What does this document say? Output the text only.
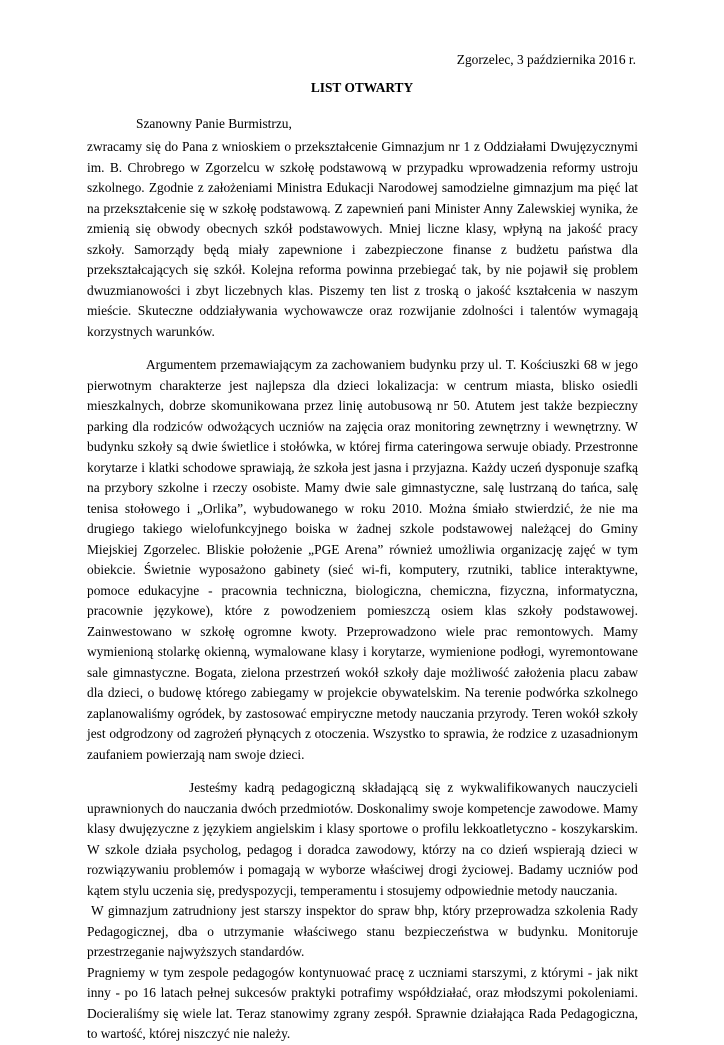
Zgorzelec, 3 października 2016 r.

LIST OTWARTY

Szanowny Panie Burmistrzu,

zwracamy się do Pana z wnioskiem o przekształcenie Gimnazjum nr 1 z Oddziałami Dwujęzycznymi im. B. Chrobrego w Zgorzelcu w szkołę podstawową w przypadku wprowadzenia reformy ustroju szkolnego. Zgodnie z założeniami Ministra Edukacji Narodowej samodzielne gimnazjum ma pięć lat na przekształcenie się w szkołę podstawową. Z zapewnień pani Minister Anny Zalewskiej wynika, że zmienią się obwody obecnych szkół podstawowych. Mniej liczne klasy, wpłyną na jakość pracy szkoły. Samorządy będą miały zapewnione i zabezpieczone finanse z budżetu państwa dla przekształcających się szkół. Kolejna reforma powinna przebiegać tak, by nie pojawił się problem dwuzmianowości i zbyt liczebnych klas. Piszemy ten list z troską o jakość kształcenia w naszym mieście. Skuteczne oddziaływania wychowawcze oraz rozwijanie zdolności i talentów wymagają korzystnych warunków.

Argumentem przemawiającym za zachowaniem budynku przy ul. T. Kościuszki 68 w jego pierwotnym charakterze jest najlepsza dla dzieci lokalizacja: w centrum miasta, blisko osiedli mieszkalnych, dobrze skomunikowana przez linię autobusową nr 50. Atutem jest także bezpieczny parking dla rodziców odwożących uczniów na zajęcia oraz monitoring zewnętrzny i wewnętrzny. W budynku szkoły są dwie świetlice i stołówka, w której firma cateringowa serwuje obiady. Przestronne korytarze i klatki schodowe sprawiają, że szkoła jest jasna i przyjazna. Każdy uczeń dysponuje szafką na przybory szkolne i rzeczy osobiste. Mamy dwie sale gimnastyczne, salę lustrzaną do tańca, salę tenisa stołowego i „Orlika”, wybudowanego w roku 2010. Można śmiało stwierdzić, że nie ma drugiego takiego wielofunkcyjnego boiska w żadnej szkole podstawowej należącej do Gminy Miejskiej Zgorzelec. Bliskie położenie „PGE Arena” również umożliwia organizację zajęć w tym obiekcie. Świetnie wyposażono gabinety (sieć wi-fi, komputery, rzutniki, tablice interaktywne, pomoce edukacyjne - pracownia techniczna, biologiczna, chemiczna, fizyczna, informatyczna, pracownie językowe), które z powodzeniem pomieszczą osiem klas szkoły podstawowej. Zainwestowano w szkołę ogromne kwoty. Przeprowadzono wiele prac remontowych. Mamy wymienioną stolarkę okienną, wymalowane klasy i korytarze, wymienione podłogi, wyremontowane sale gimnastyczne. Bogata, zielona przestrzeń wokół szkoły daje możliwość założenia placu zabaw dla dzieci, o budowę którego zabiegamy w projekcie obywatelskim. Na terenie podwórka szkolnego zaplanowaliśmy ogródek, by zastosować empiryczne metody nauczania przyrody. Teren wokół szkoły jest odgrodzony od zagrożeń płynących z otoczenia. Wszystko to sprawia, że rodzice z uzasadnionym zaufaniem powierzają nam swoje dzieci.

Jesteśmy kadrą pedagogiczną składającą się z wykwalifikowanych nauczycieli uprawnionych do nauczania dwóch przedmiotów. Doskonalimy swoje kompetencje zawodowe. Mamy klasy dwujęzyczne z językiem angielskim i klasy sportowe o profilu lekkoatletyczno - koszykarskim. W szkole działa psycholog, pedagog i doradca zawodowy, którzy na co dzień wspierają dzieci w rozwiązywaniu problemów i pomagają w wyborze właściwej drogi życiowej. Badamy uczniów pod kątem stylu uczenia się, predyspozycji, temperamentu i stosujemy odpowiednie metody nauczania.

W gimnazjum zatrudniony jest starszy inspektor do spraw bhp, który przeprowadza szkolenia Rady Pedagogicznej, dba o utrzymanie właściwego stanu bezpieczeństwa w budynku. Monitoruje przestrzeganie najwyższych standardów.

Pragniemy w tym zespole pedagogów kontynuować pracę z uczniami starszymi, z którymi - jak nikt inny - po 16 latach pełnej sukcesów praktyki potrafimy współdziałać, oraz młodszymi pokoleniami. Docieraliśmy się wiele lat. Teraz stanowimy zgrany zespół. Sprawnie działająca Rada Pedagogiczna, to wartość, której niszczyć nie należy.
